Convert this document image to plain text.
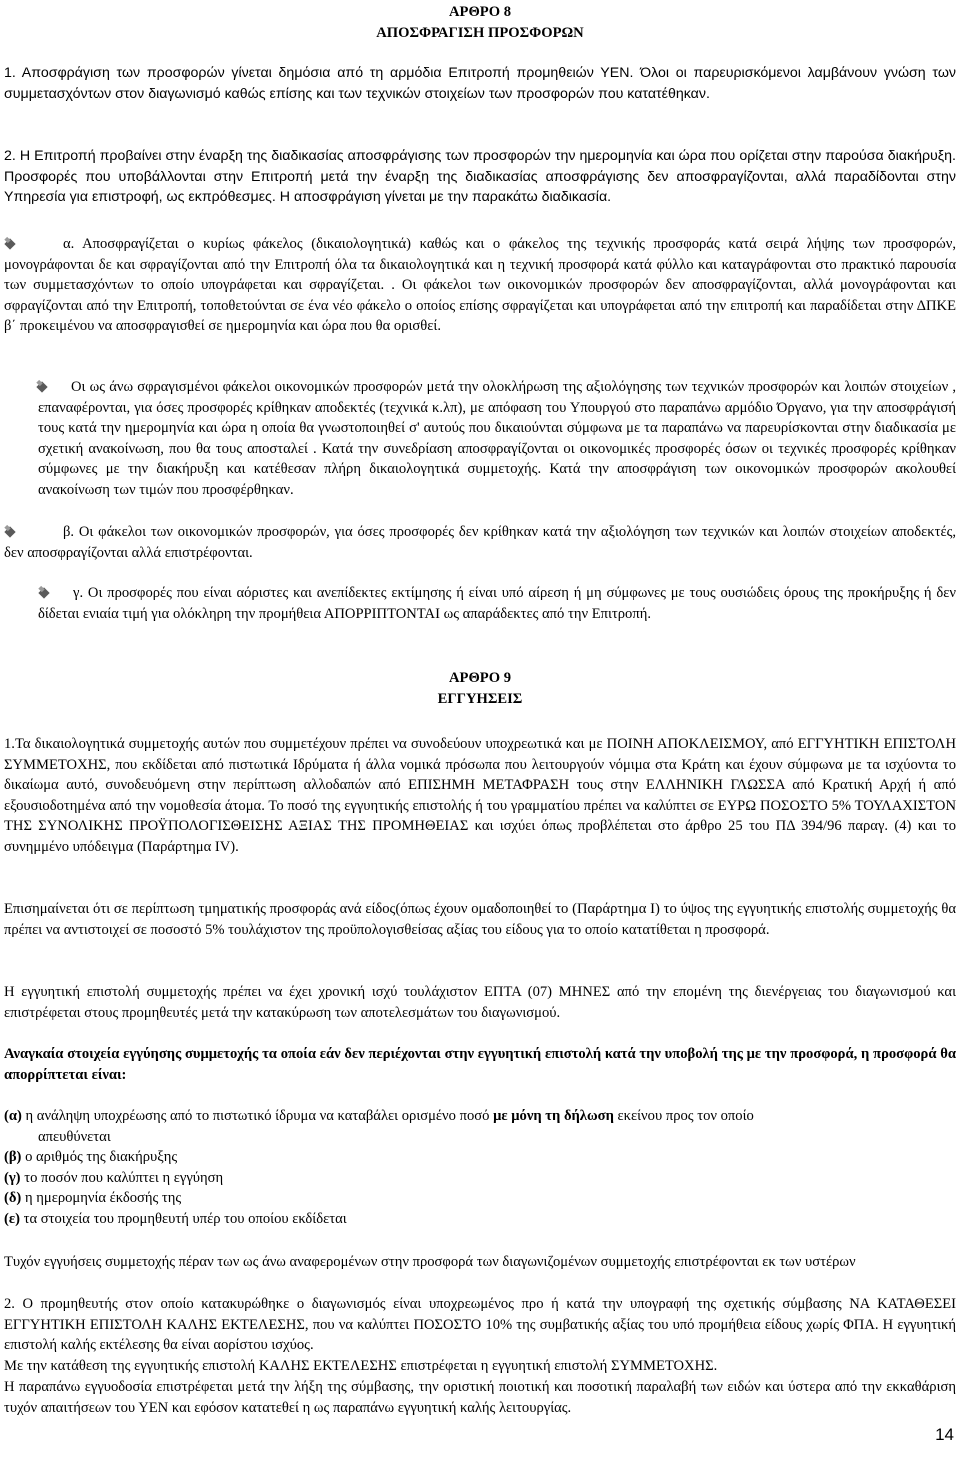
ΑΡΘΡΟ 8
ΑΠΟΣΦΡΑΓΙΣΗ ΠΡΟΣΦΟΡΩΝ
1. Αποσφράγιση των προσφορών γίνεται δημόσια από τη αρμόδια Επιτροπή προμηθειών ΥΕΝ. Όλοι οι παρευρισκόμενοι λαμβάνουν γνώση των συμμετασχόντων στον διαγωνισμό καθώς επίσης και των τεχνικών στοιχείων των προσφορών που κατατέθηκαν.
2. Η Επιτροπή προβαίνει στην έναρξη της διαδικασίας αποσφράγισης των προσφορών την ημερομηνία και ώρα που ορίζεται στην παρούσα διακήρυξη. Προσφορές που υποβάλλονται στην Επιτροπή μετά την έναρξη της διαδικασίας αποσφράγισης δεν αποσφραγίζονται, αλλά παραδίδονται στην Υπηρεσία για επιστροφή, ως εκπρόθεσμες. Η αποσφράγιση γίνεται με την παρακάτω διαδικασία.
α. Αποσφραγίζεται ο κυρίως φάκελος (δικαιολογητικά) καθώς και ο φάκελος της τεχνικής προσφοράς κατά σειρά λήψης των προσφορών, μονογράφονται δε και σφραγίζονται από την Επιτροπή όλα τα δικαιολογητικά και η τεχνική προσφορά κατά φύλλο και καταγράφονται στο πρακτικό παρουσία των συμμετασχόντων το οποίο υπογράφεται και σφραγίζεται. . Οι φάκελοι των οικονομικών προσφορών δεν αποσφραγίζονται, αλλά μονογράφονται και σφραγίζονται από την Επιτροπή, τοποθετούνται σε ένα νέο φάκελο ο οποίος επίσης σφραγίζεται και υπογράφεται από την επιτροπή και παραδίδεται στην ΔΠΚΕ β΄ προκειμένου να αποσφραγισθεί σε ημερομηνία και ώρα που θα ορισθεί.
Οι ως άνω σφραγισμένοι φάκελοι οικονομικών προσφορών μετά την ολοκλήρωση της αξιολόγησης των τεχνικών προσφορών και λοιπών στοιχείων , επαναφέρονται, για όσες προσφορές κρίθηκαν αποδεκτές (τεχνικά κ.λπ), με απόφαση του Υπουργού στο παραπάνω αρμόδιο Όργανο, για την αποσφράγισή τους κατά την ημερομηνία και ώρα η οποία θα γνωστοποιηθεί σ' αυτούς που δικαιούνται σύμφωνα με τα παραπάνω να παρευρίσκονται στην διαδικασία με σχετική ανακοίνωση, που θα τους αποσταλεί . Κατά την συνεδρίαση αποσφραγίζονται οι οικονομικές προσφορές όσων οι τεχνικές προσφορές κρίθηκαν σύμφωνες με την διακήρυξη και κατέθεσαν πλήρη δικαιολογητικά συμμετοχής. Κατά την αποσφράγιση των οικονομικών προσφορών ακολουθεί ανακοίνωση των τιμών που προσφέρθηκαν.
β. Οι φάκελοι των οικονομικών προσφορών, για όσες προσφορές δεν κρίθηκαν κατά την αξιολόγηση των τεχνικών και λοιπών στοιχείων αποδεκτές, δεν αποσφραγίζονται αλλά επιστρέφονται.
γ. Οι προσφορές που είναι αόριστες και ανεπίδεκτες εκτίμησης ή είναι υπό αίρεση ή μη σύμφωνες με τους ουσιώδεις όρους της προκήρυξης ή δεν δίδεται ενιαία τιμή για ολόκληρη την προμήθεια ΑΠΟΡΡΙΠΤΟΝΤΑΙ ως απαράδεκτες από την Επιτροπή.
ΑΡΘΡΟ 9
ΕΓΓΥΗΣΕΙΣ
1.Τα δικαιολογητικά συμμετοχής αυτών που συμμετέχουν πρέπει να συνοδεύουν υποχρεωτικά και με ΠΟΙΝΗ ΑΠΟΚΛΕΙΣΜΟΥ, από ΕΓΓΥΗΤΙΚΗ ΕΠΙΣΤΟΛΗ ΣΥΜΜΕΤΟΧΗΣ, που εκδίδεται από πιστωτικά Ιδρύματα ή άλλα νομικά πρόσωπα που λειτουργούν νόμιμα στα Κράτη και έχουν σύμφωνα με τα ισχύοντα το δικαίωμα αυτό, συνοδευόμενη στην περίπτωση αλλοδαπών από ΕΠΙΣΗΜΗ ΜΕΤΑΦΡΑΣΗ τους στην ΕΛΛΗΝΙΚΗ ΓΛΩΣΣΑ από Κρατική Αρχή ή από εξουσιοδοτημένα από την νομοθεσία άτομα. Το ποσό της εγγυητικής επιστολής ή του γραμματίου πρέπει να καλύπτει σε ΕΥΡΩ ΠΟΣΟΣΤΟ 5% ΤΟΥΛΑΧΙΣΤΟΝ ΤΗΣ ΣΥΝΟΛΙΚΗΣ ΠΡΟΫΠΟΛΟΓΙΣΘΕΙΣΗΣ ΑΞΙΑΣ ΤΗΣ ΠΡΟΜΗΘΕΙΑΣ και ισχύει όπως προβλέπεται στο άρθρο 25 του ΠΔ 394/96 παραγ. (4) και το συνημμένο υπόδειγμα (Παράρτημα IV).
Επισημαίνεται ότι σε περίπτωση τμηματικής προσφοράς ανά είδος(όπως έχουν ομαδοποιηθεί το (Παράρτημα Ι) το ύψος της εγγυητικής επιστολής συμμετοχής θα πρέπει να αντιστοιχεί σε ποσοστό 5% τουλάχιστον της προϋπολογισθείσας αξίας του είδους για το οποίο κατατίθεται η προσφορά.
Η εγγυητική επιστολή συμμετοχής πρέπει να έχει χρονική ισχύ τουλάχιστον ΕΠΤΑ (07) ΜΗΝΕΣ από την επομένη της διενέργειας του διαγωνισμού και επιστρέφεται στους προμηθευτές μετά την κατακύρωση των αποτελεσμάτων του διαγωνισμού.
Αναγκαία στοιχεία εγγύησης συμμετοχής τα οποία εάν δεν περιέχονται στην εγγυητική επιστολή κατά την υποβολή της με την προσφορά, η προσφορά θα απορρίπτεται είναι:
(α) η ανάληψη υποχρέωσης από το πιστωτικό ίδρυμα να καταβάλει ορισμένο ποσό με μόνη τη δήλωση εκείνου προς τον οποίο
απευθύνεται
(β) ο αριθμός της διακήρυξης
(γ) το ποσόν που καλύπτει η εγγύηση
(δ) η ημερομηνία έκδοσής της
(ε) τα στοιχεία του προμηθευτή υπέρ του οποίου εκδίδεται
Τυχόν εγγυήσεις συμμετοχής πέραν των ως άνω αναφερομένων στην προσφορά των διαγωνιζομένων συμμετοχής επιστρέφονται εκ των υστέρων
2. Ο προμηθευτής στον οποίο κατακυρώθηκε ο διαγωνισμός είναι υποχρεωμένος προ ή κατά την υπογραφή της σχετικής σύμβασης ΝΑ ΚΑΤΑΘΕΣΕΙ ΕΓΓΥΗΤΙΚΗ ΕΠΙΣΤΟΛΗ ΚΑΛΗΣ ΕΚΤΕΛΕΣΗΣ, που να καλύπτει ΠΟΣΟΣΤΟ 10% της συμβατικής αξίας του υπό προμήθεια είδους χωρίς ΦΠΑ. Η εγγυητική επιστολή καλής εκτέλεσης θα είναι αορίστου ισχύος.
Με την κατάθεση της εγγυητικής επιστολή ΚΑΛΗΣ ΕΚΤΕΛΕΣΗΣ επιστρέφεται η εγγυητική επιστολή ΣΥΜΜΕΤΟΧΗΣ.
Η παραπάνω εγγυοδοσία επιστρέφεται μετά την λήξη της σύμβασης, την οριστική ποιοτική και ποσοτική παραλαβή των ειδών και ύστερα από την εκκαθάριση τυχόν απαιτήσεων του ΥΕΝ και εφόσον κατατεθεί η ως παραπάνω εγγυητική καλής λειτουργίας.
14
